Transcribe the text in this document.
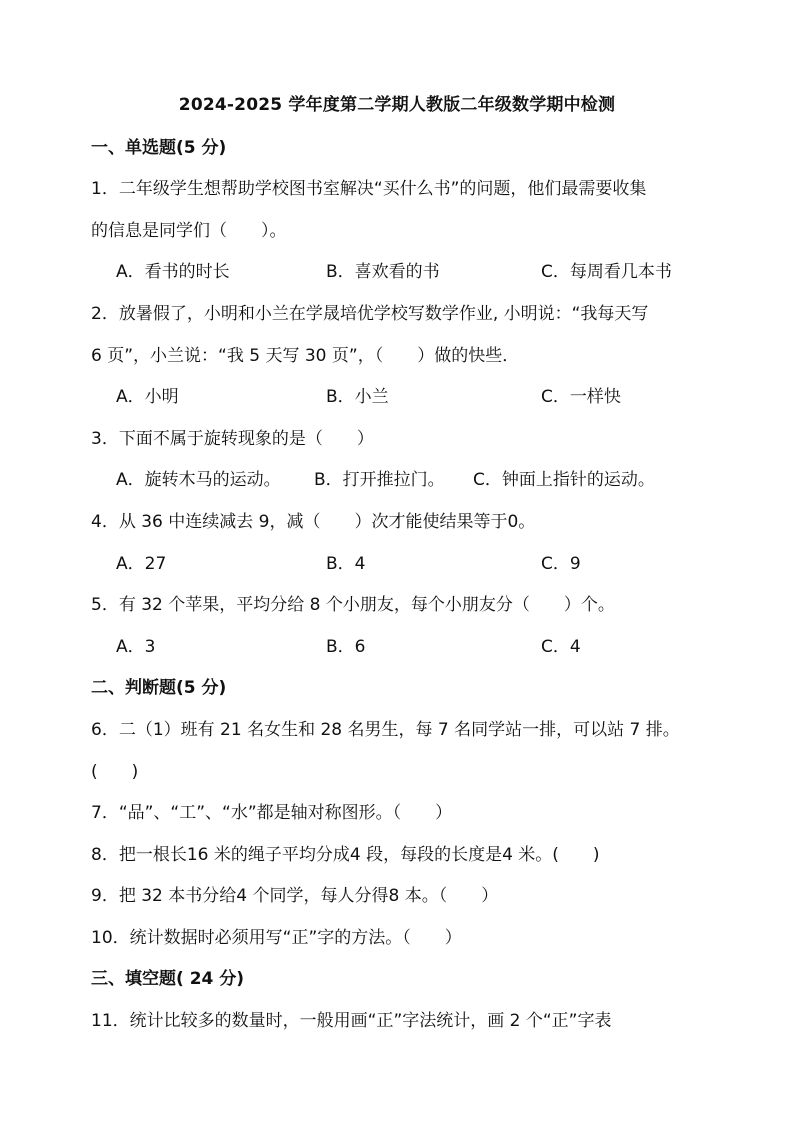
2024-2025 学年度第二学期人教版二年级数学期中检测
一、单选题(5 分)
1．二年级学生想帮助学校图书室解决“买什么书”的问题，他们最需要收集
的信息是同学们（　　）。
A．看书的时长	B．喜欢看的书	C．每周看几本书
2．放暑假了，小明和小兰在学晟培优学校写数学作业, 小明说：“我每天写
6 页”，小兰说：“我 5 天写 30 页”，（　　）做的快些．
A．小明	B．小兰	C．一样快
3．下面不属于旋转现象的是（　　）
A．旋转木马的运动。 B．打开推拉门。 C．钟面上指针的运动。
4．从 36 中连续减去 9，减（　　）次才能使结果等于0。
A．27	B．4	C．9
5．有 32 个苹果，平均分给 8 个小朋友，每个小朋友分（　　）个。
A．3	B．6	C．4
二、判断题(5 分)
6．二（1）班有 21 名女生和 28 名男生，每 7 名同学站一排，可以站 7 排。
(　　)
7．“品”、“工”、“水”都是轴对称图形。（　　）
8．把一根长16 米的绳子平均分成4 段，每段的长度是4 米。(　　)
9．把 32 本书分给4 个同学，每人分得8 本。（　　）
10．统计数据时必须用写“正”字的方法。（　　）
三、填空题( 24 分)
11．统计比较多的数量时，一般用画“正”字法统计，画 2 个“正”字表
